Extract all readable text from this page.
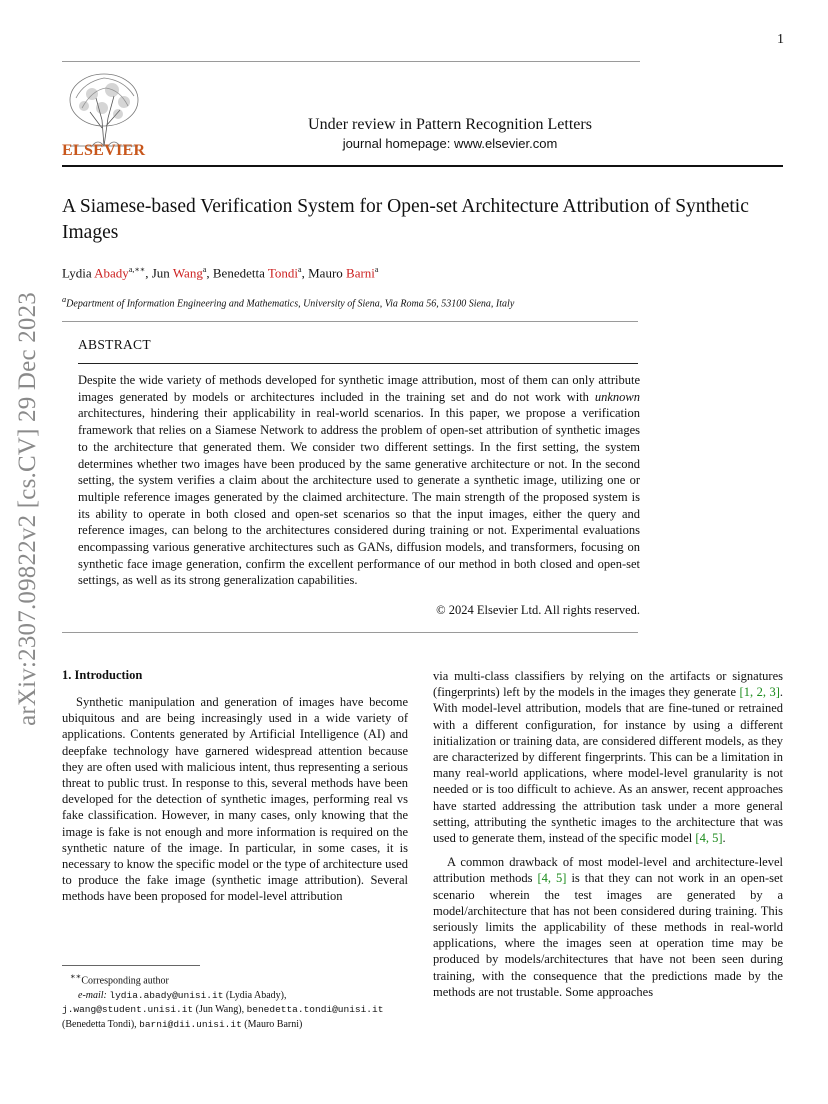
1
arXiv:2307.09822v2 [cs.CV] 29 Dec 2023
ELSEVIER
Under review in Pattern Recognition Letters
journal homepage: www.elsevier.com
A Siamese-based Verification System for Open-set Architecture Attribution of Synthetic Images
Lydia Abady$^{a,∗∗}$, Jun Wang$^a$, Benedetta Tondi$^a$, Mauro Barni$^a$
$^a$Department of Information Engineering and Mathematics, University of Siena, Via Roma 56, 53100 Siena, Italy
ABSTRACT
Despite the wide variety of methods developed for synthetic image attribution, most of them can only attribute images generated by models or architectures included in the training set and do not work with unknown architectures, hindering their applicability in real-world scenarios. In this paper, we propose a verification framework that relies on a Siamese Network to address the problem of open-set attribution of synthetic images to the architecture that generated them. We consider two different settings. In the first setting, the system determines whether two images have been produced by the same generative architecture or not. In the second setting, the system verifies a claim about the architecture used to generate a synthetic image, utilizing one or multiple reference images generated by the claimed architecture. The main strength of the proposed system is its ability to operate in both closed and open-set scenarios so that the input images, either the query and reference images, can belong to the architectures considered during training or not. Experimental evaluations encompassing various generative architectures such as GANs, diffusion models, and transformers, focusing on synthetic face image generation, confirm the excellent performance of our method in both closed and open-set settings, as well as its strong generalization capabilities.
© 2024 Elsevier Ltd. All rights reserved.
1. Introduction

Synthetic manipulation and generation of images have become ubiquitous and are being increasingly used in a wide variety of applications. Contents generated by Artificial Intelligence (AI) and deepfake technology have garnered widespread attention because they are often used with malicious intent, thus representing a serious threat to public trust. In response to this, several methods have been developed for the detection of synthetic images, performing real vs fake classification. However, in many cases, only knowing that the image is fake is not enough and more information is required on the synthetic nature of the image. In particular, in some cases, it is necessary to know the specific model or the type of architecture used to produce the fake image (synthetic image attribution). Several methods have been proposed for model-level attribution

via multi-class classifiers by relying on the artifacts or signatures (fingerprints) left by the models in the images they generate [1, 2, 3]. With model-level attribution, models that are fine-tuned or retrained with a different configuration, for instance by using a different initialization or training data, are considered different models, as they are characterized by different fingerprints. This can be a limitation in many real-world applications, where model-level granularity is not needed or is too difficult to achieve. As an answer, recent approaches have started addressing the attribution task under a more general setting, attributing the synthetic images to the architecture that was used to generate them, instead of the specific model [4, 5].

A common drawback of most model-level and architecture-level attribution methods [4, 5] is that they can not work in an open-set scenario wherein the test images are generated by a model/architecture that has not been considered during training. This seriously limits the applicability of these methods in real-world applications, where the images seen at operation time may be produced by models/architectures that have not been seen during training, with the consequence that the predictions made by the methods are not trustable. Some approaches

∗∗Corresponding author
e-mail: lydia.abady@unisi.it (Lydia Abady),
j.wang@student.unisi.it (Jun Wang), benedetta.tondi@unisi.it
(Benedetta Tondi), barni@dii.unisi.it (Mauro Barni)
